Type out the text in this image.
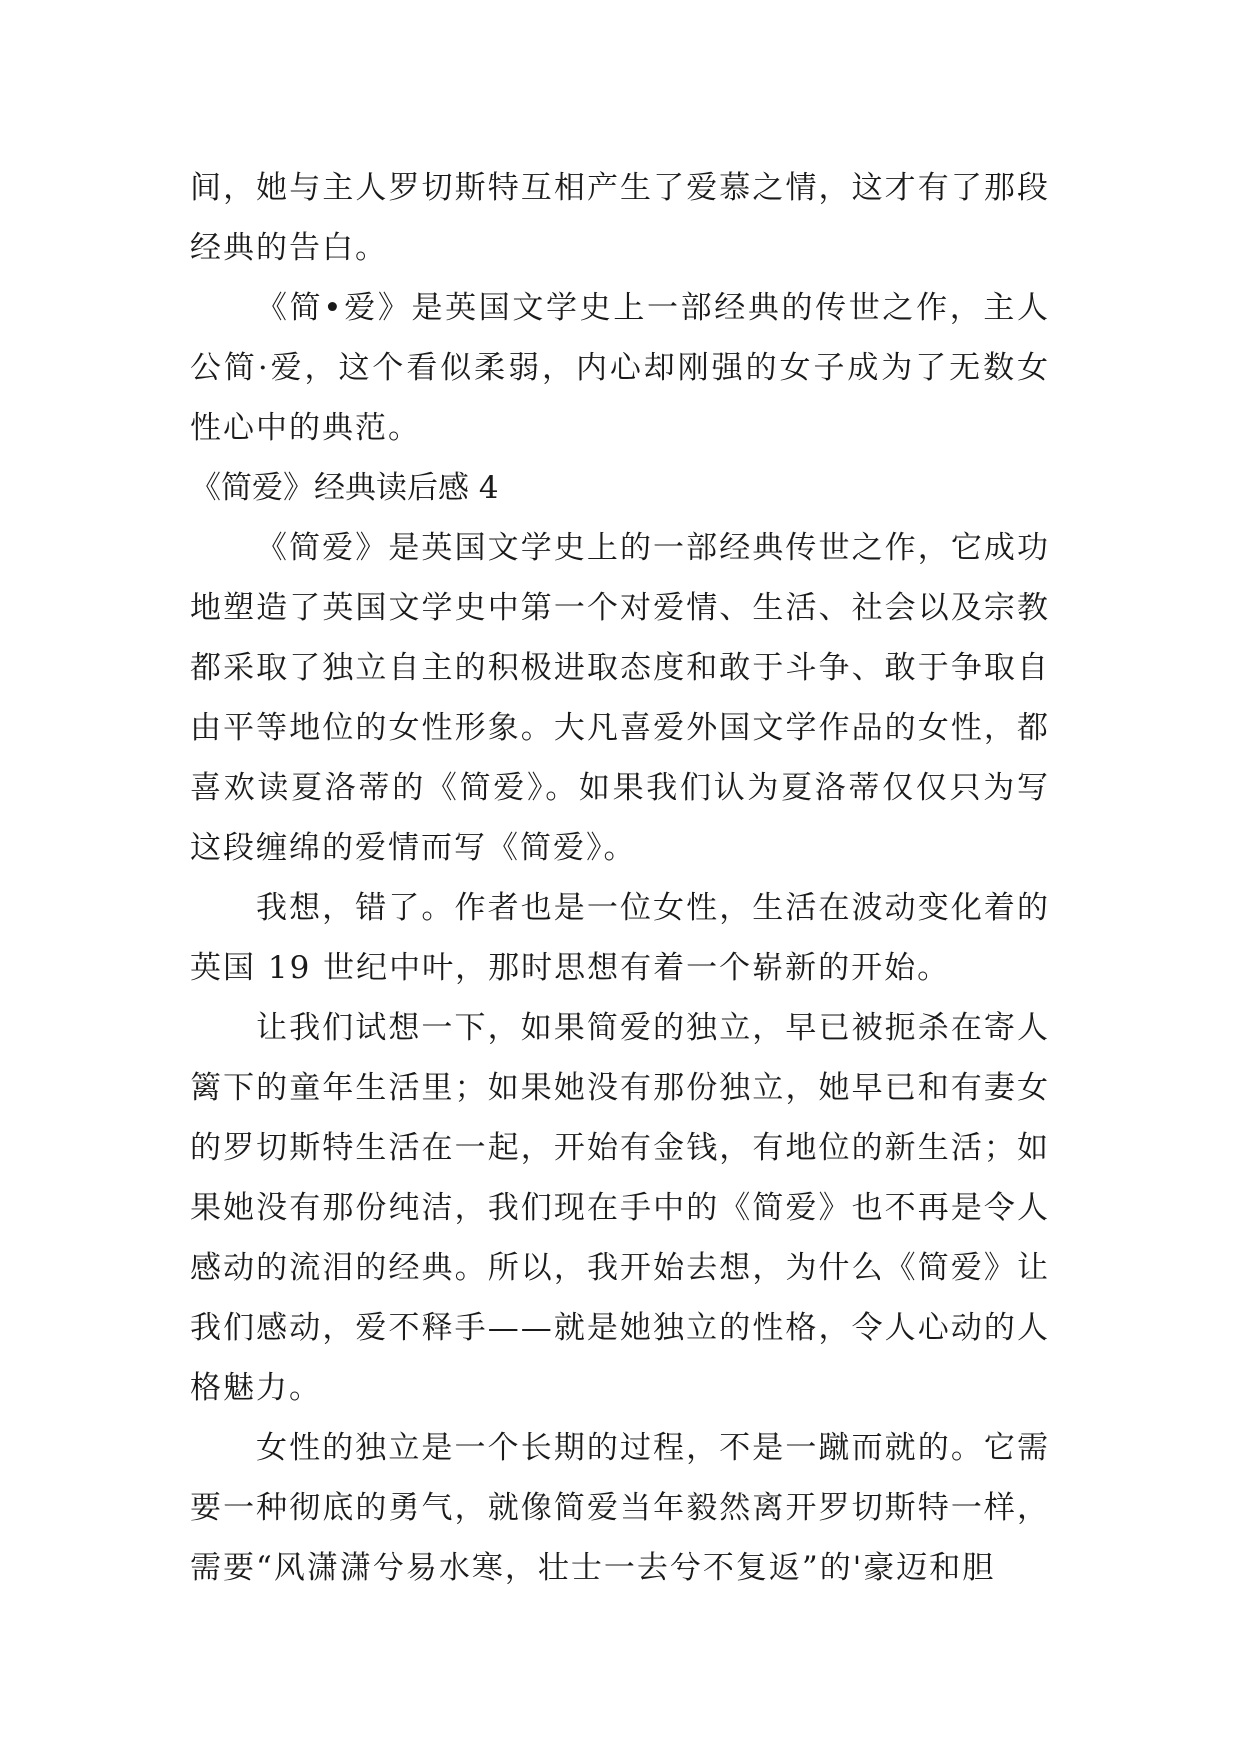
间，她与主人罗切斯特互相产生了爱慕之情，这才有了那段经典的告白。

《简•爱》是英国文学史上一部经典的传世之作，主人公简·爱，这个看似柔弱，内心却刚强的女子成为了无数女性心中的典范。

《简爱》经典读后感 4

《简爱》是英国文学史上的一部经典传世之作，它成功地塑造了英国文学史中第一个对爱情、生活、社会以及宗教都采取了独立自主的积极进取态度和敢于斗争、敢于争取自由平等地位的女性形象。大凡喜爱外国文学作品的女性，都喜欢读夏洛蒂的《简爱》。如果我们认为夏洛蒂仅仅只为写这段缠绵的爱情而写《简爱》。

我想，错了。作者也是一位女性，生活在波动变化着的英国 19 世纪中叶，那时思想有着一个崭新的开始。

让我们试想一下，如果简爱的独立，早已被扼杀在寄人篱下的童年生活里；如果她没有那份独立，她早已和有妻女的罗切斯特生活在一起，开始有金钱，有地位的新生活；如果她没有那份纯洁，我们现在手中的《简爱》也不再是令人感动的流泪的经典。所以，我开始去想，为什么《简爱》让我们感动，爱不释手——就是她独立的性格，令人心动的人格魅力。

女性的独立是一个长期的过程，不是一蹴而就的。它需要一种彻底的勇气，就像简爱当年毅然离开罗切斯特一样，需要“风潇潇兮易水寒，壮士一去兮不复返”的'豪迈和胆
